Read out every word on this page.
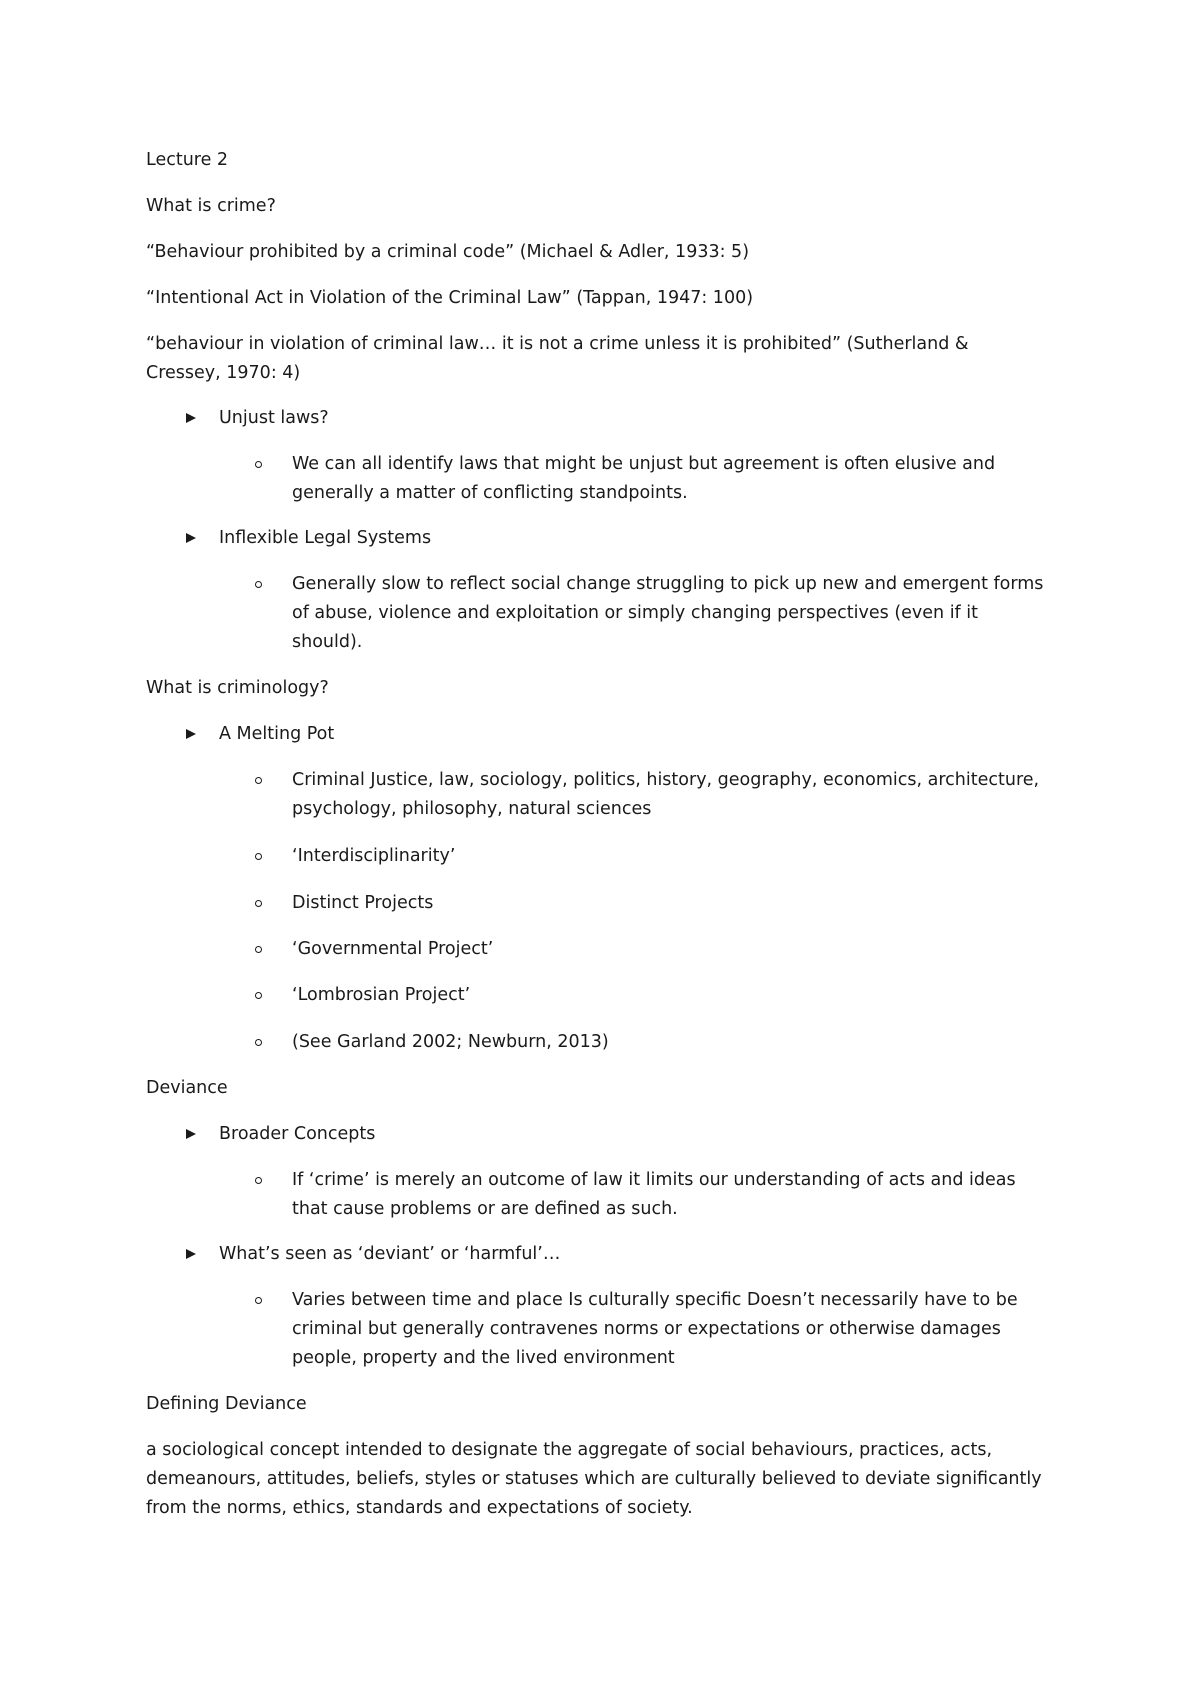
Lecture 2

What is crime?

“Behaviour prohibited by a criminal code” (Michael & Adler, 1933: 5)

“Intentional Act in Violation of the Criminal Law” (Tappan, 1947: 100)

“behaviour in violation of criminal law… it is not a crime unless it is prohibited” (Sutherland &

Cressey, 1970: 4)

Unjust laws?

We can all identify laws that might be unjust but agreement is often elusive and

generally a matter of conflicting standpoints.

Inflexible Legal Systems

Generally slow to reflect social change struggling to pick up new and emergent forms

of abuse, violence and exploitation or simply changing perspectives (even if it

should).

What is criminology?

A Melting Pot

Criminal Justice, law, sociology, politics, history, geography, economics, architecture,

psychology, philosophy, natural sciences

‘Interdisciplinarity’

Distinct Projects

‘Governmental Project’

‘Lombrosian Project’

(See Garland 2002; Newburn, 2013)

Deviance

Broader Concepts

If ‘crime’ is merely an outcome of law it limits our understanding of acts and ideas

that cause problems or are defined as such.

What’s seen as ‘deviant’ or ‘harmful’…

Varies between time and place Is culturally specific Doesn’t necessarily have to be

criminal but generally contravenes norms or expectations or otherwise damages

people, property and the lived environment

Defining Deviance

a sociological concept intended to designate the aggregate of social behaviours, practices, acts,

demeanours, attitudes, beliefs, styles or statuses which are culturally believed to deviate significantly

from the norms, ethics, standards and expectations of society.
